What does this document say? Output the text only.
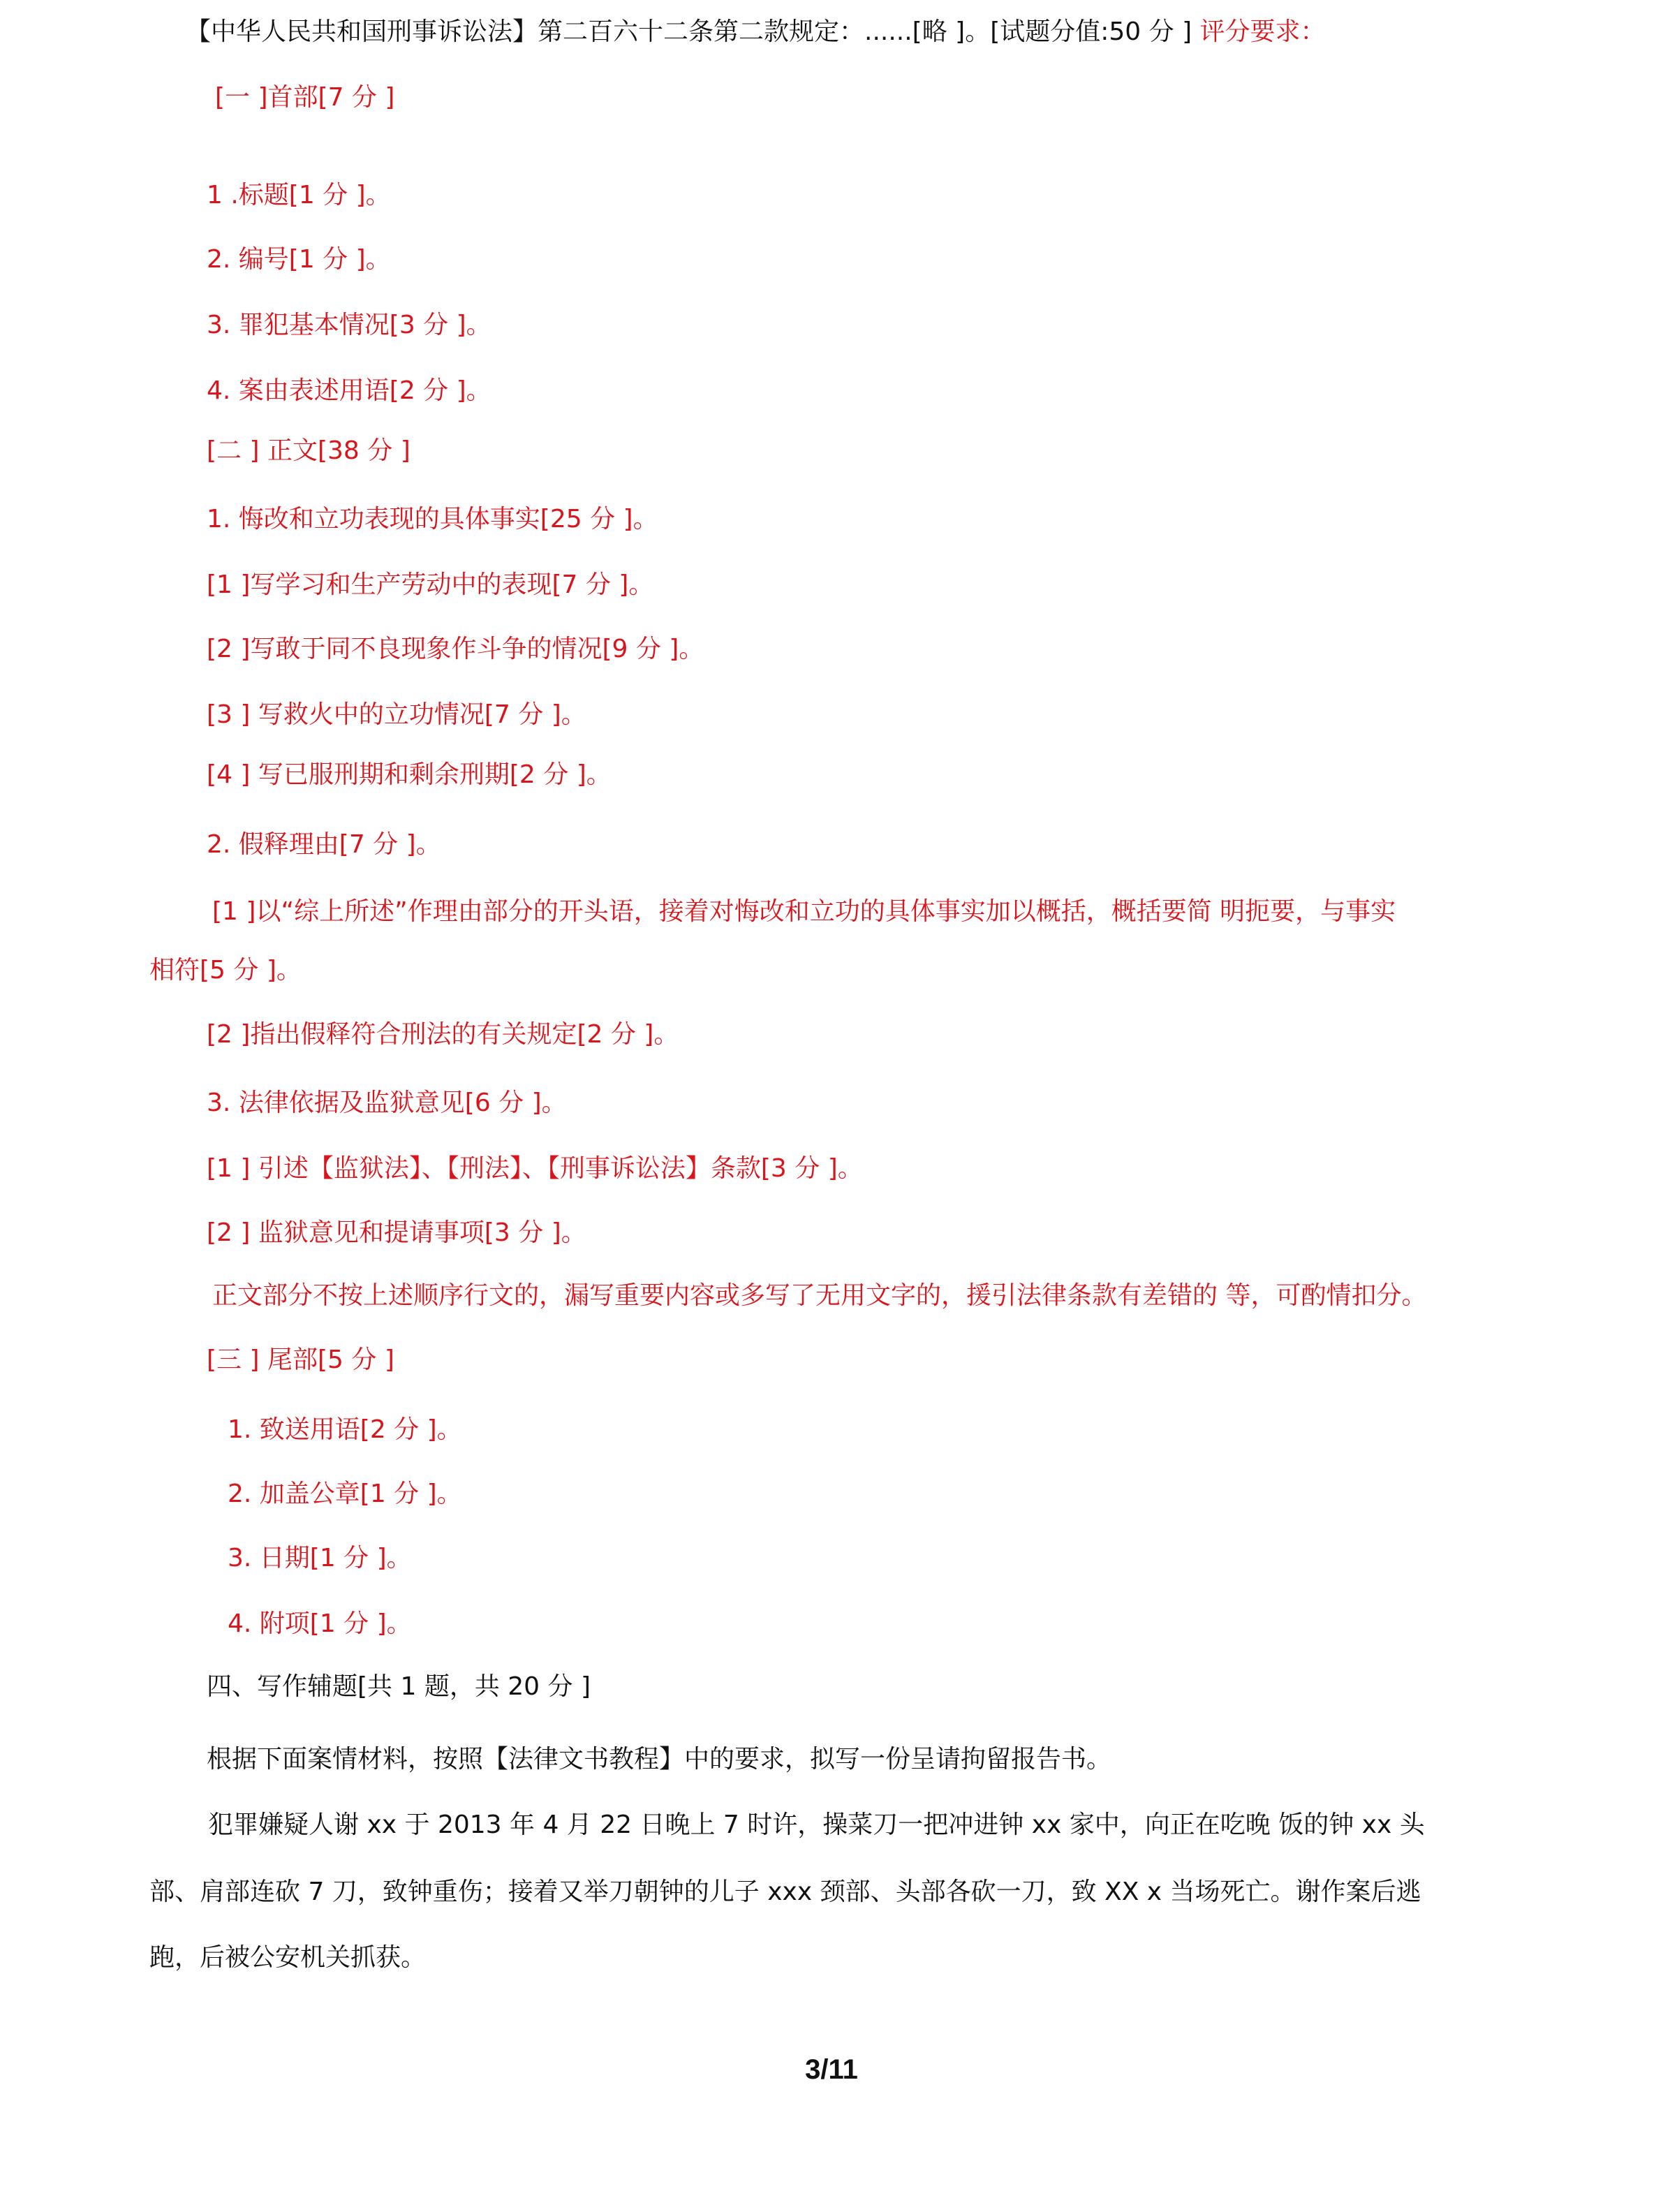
【中华人民共和国刑事诉讼法】第二百六十二条第二款规定：......[略 ]。[试题分值:50 分 ] 评分要求：
[一 ]首部[7 分 ]
1 .标题[1 分 ]。
2. 编号[1 分 ]。
3. 罪犯基本情况[3 分 ]。
4. 案由表述用语[2 分 ]。
[二 ] 正文[38 分 ]
1. 悔改和立功表现的具体事实[25 分 ]。
[1 ]写学习和生产劳动中的表现[7 分 ]。
[2 ]写敢于同不良现象作斗争的情况[9 分 ]。
[3 ] 写救火中的立功情况[7 分 ]。
[4 ] 写已服刑期和剩余刑期[2 分 ]。
2. 假释理由[7 分 ]。
[1 ]以“综上所述”作理由部分的开头语，接着对悔改和立功的具体事实加以概括，概括要简 明扼要，与事实
相符[5 分 ]。
[2 ]指出假释符合刑法的有关规定[2 分 ]。
3. 法律依据及监狱意见[6 分 ]。
[1 ] 引述【监狱法】、【刑法】、【刑事诉讼法】条款[3 分 ]。
[2 ] 监狱意见和提请事项[3 分 ]。
正文部分不按上述顺序行文的，漏写重要内容或多写了无用文字的，援引法律条款有差错的 等，可酌情扣分。
[三 ] 尾部[5 分 ]
1. 致送用语[2 分 ]。
2. 加盖公章[1 分 ]。
3. 日期[1 分 ]。
4. 附项[1 分 ]。
四、写作辅题[共 1 题，共 20 分 ]
根据下面案情材料，按照【法律文书教程】中的要求，拟写一份呈请拘留报告书。
犯罪嫌疑人谢 xx 于 2013 年 4 月 22 日晚上 7 时许，操菜刀一把冲进钟 xx 家中，向正在吃晚 饭的钟 xx 头
部、肩部连砍 7 刀，致钟重伤；接着又举刀朝钟的儿子 xxx 颈部、头部各砍一刀，致 XX x 当场死亡。谢作案后逃
跑，后被公安机关抓获。
3/11
